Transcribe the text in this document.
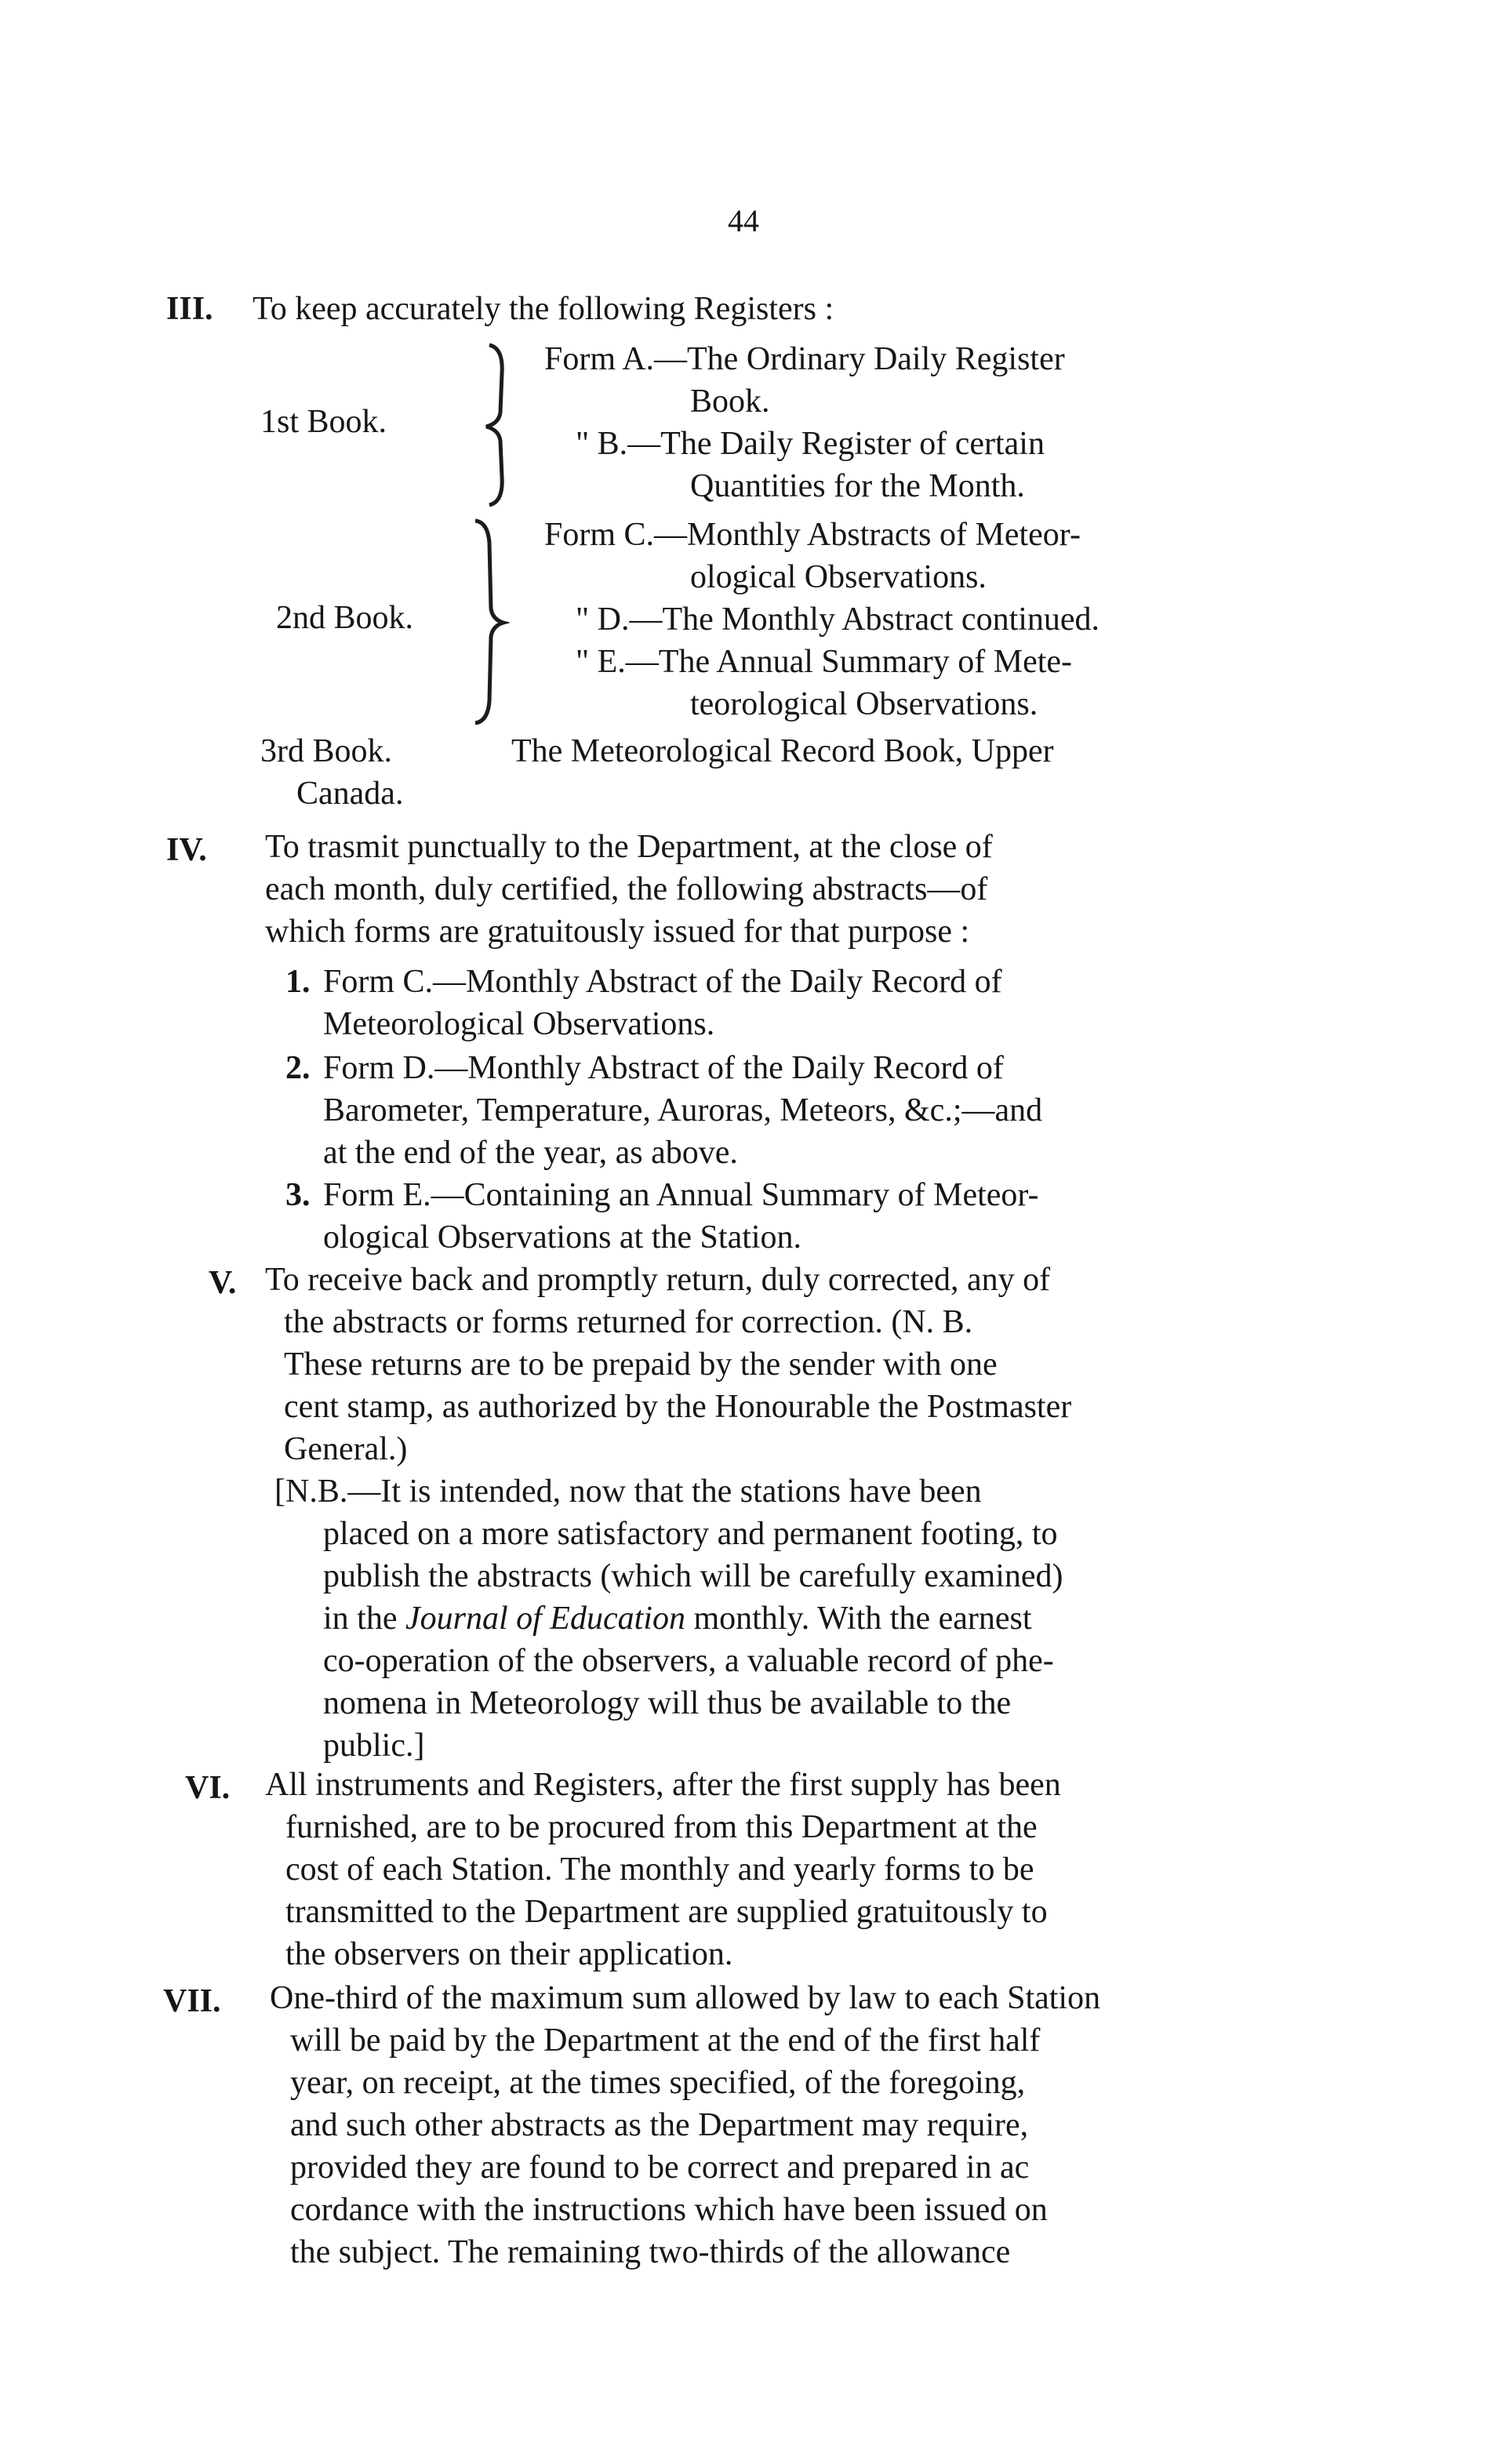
44
III. To keep accurately the following Registers :
1st Book.
Form A.—The Ordinary Daily Register
Book.
" B.—The Daily Register of certain
Quantities for the Month.
2nd Book.
Form C.—Monthly Abstracts of Meteor-
ological Observations.
" D.—The Monthly Abstract continued.
" E.—The Annual Summary of Mete-
teorological Observations.
3rd Book.	The Meteorological Record Book, Upper
Canada.
IV. To trasmit punctually to the Department, at the close of
each month, duly certified, the following abstracts—of
which forms are gratuitously issued for that purpose :
1. Form C.—Monthly Abstract of the Daily Record of
Meteorological Observations.
2. Form D.—Monthly Abstract of the Daily Record of
Barometer, Temperature, Auroras, Meteors, &c.;—and
at the end of the year, as above.
3. Form E.—Containing an Annual Summary of Meteor-
ological Observations at the Station.
V. To receive back and promptly return, duly corrected, any of
the abstracts or forms returned for correction. (N. B.
These returns are to be prepaid by the sender with one
cent stamp, as authorized by the Honourable the Postmaster
General.)
[N.B.—It is intended, now that the stations have been
placed on a more satisfactory and permanent footing, to
publish the abstracts (which will be carefully examined)
in the Journal of Education monthly. With the earnest
co-operation of the observers, a valuable record of phe-
nomena in Meteorology will thus be available to the
public.]
VI. All instruments and Registers, after the first supply has been
furnished, are to be procured from this Department at the
cost of each Station. The monthly and yearly forms to be
transmitted to the Department are supplied gratuitously to
the observers on their application.
VII. One-third of the maximum sum allowed by law to each Station
will be paid by the Department at the end of the first half
year, on receipt, at the times specified, of the foregoing,
and such other abstracts as the Department may require,
provided they are found to be correct and prepared in ac
cordance with the instructions which have been issued on
the subject. The remaining two-thirds of the allowance
